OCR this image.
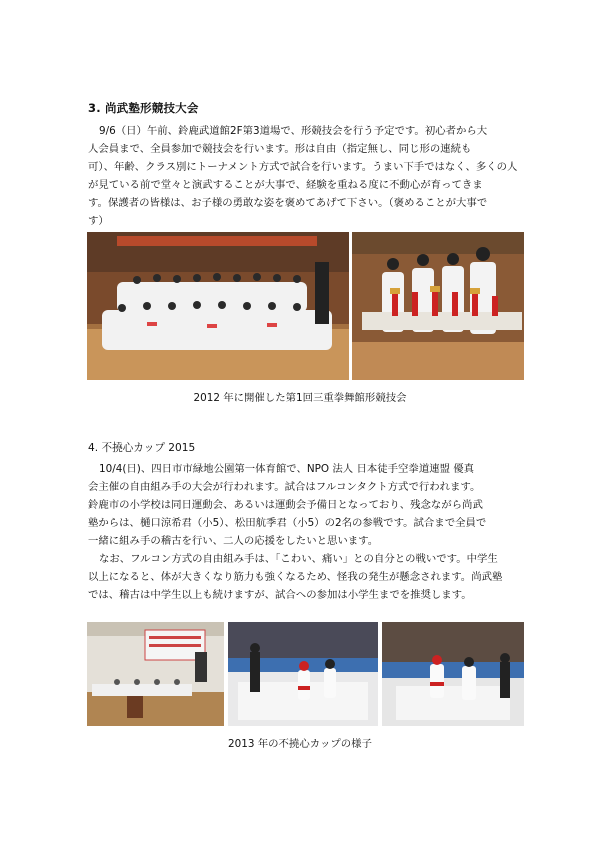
3. 尚武塾形競技大会

9/6（日）午前、鈴鹿武道館2F第3道場で、形競技会を行う予定です。初心者から大

人会員まで、全員参加で競技会を行います。形は自由（指定無し、同じ形の連続も

可）、年齢、クラス別にトーナメント方式で試合を行います。うまい下手ではなく、多くの人

が見ている前で堂々と演武することが大事で、経験を重ねる度に不動心が育ってきま

す。保護者の皆様は、お子様の勇敢な姿を褒めてあげて下さい。（褒めることが大事で

す）

2012 年に開催した第1回三重拳舞館形競技会
4. 不撓心カップ 2015

10/4(日)、四日市市緑地公園第一体育館で、NPO 法人 日本徒手空拳道連盟 優真

会主催の自由組み手の大会が行われます。試合はフルコンタクト方式で行われます。

鈴鹿市の小学校は同日運動会、あるいは運動会予備日となっており、残念ながら尚武

塾からは、樋口涼希君（小5）、松田航季君（小5）の2名の参戦です。試合まで全員で

一緒に組み手の稽古を行い、二人の応援をしたいと思います。

なお、フルコン方式の自由組み手は、「こわい、痛い」との自分との戦いです。中学生

以上になると、体が大きくなり筋力も強くなるため、怪我の発生が懸念されます。尚武塾

では、稽古は中学生以上も続けますが、試合への参加は小学生までを推奨します。

2013 年の不撓心カップの様子
